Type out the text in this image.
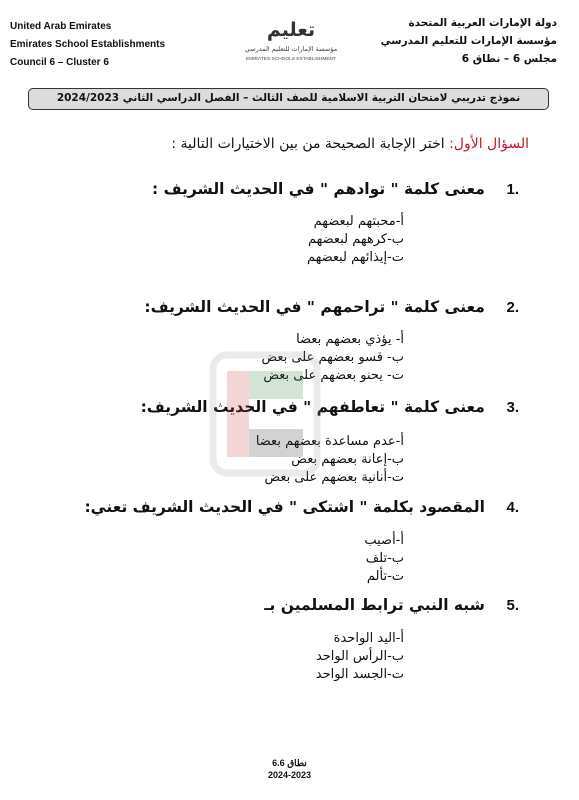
United Arab Emirates
Emirates School Establishments
Council 6 – Cluster 6
تعليم
مؤسسة الإمارات للتعليم المدرسي
EMIRATES SCHOOLS ESTABLISHMENT
دولة الإمارات العربية المتحدة
مؤسسة الإمارات للتعليم المدرسي
مجلس 6 – نطاق 6
نموذج تدريبي لامتحان التربية الاسلامية للصف الثالث – الفصل الدراسي الثاني 2024/2023
السؤال الأول: اختر الإجابة الصحيحة من بين الاختيارات التالية :
.1    معنى كلمة " توادهم " في الحديث الشريف :
أ-محبتهم لبعضهم
ب-كرههم لبعضهم
ت-إيذائهم لبعضهم
.2    معنى كلمة " تراحمهم " في الحديث الشريف:
أ- يؤذي بعضهم بعضا
ب- قسو بعضهم على بعض
ت- يحنو بعضهم على بعض
.3    معنى كلمة " تعاطفهم " في الحديث الشريف:
أ-عدم مساعدة بعضهم بعضا
ب-إعانة بعضهم بعض
ت-أنانية بعضهم على بعض
.4    المقصود بكلمة " اشتكى " في الحديث الشريف تعني:
أ-أصيب
ب-تلف
ت-تألم
.5    شبه النبي ترابط المسلمين بـ
أ-اليد الواحدة
ب-الرأس الواحد
ت-الجسد الواحد
نطاق 6.6
2024-2023
